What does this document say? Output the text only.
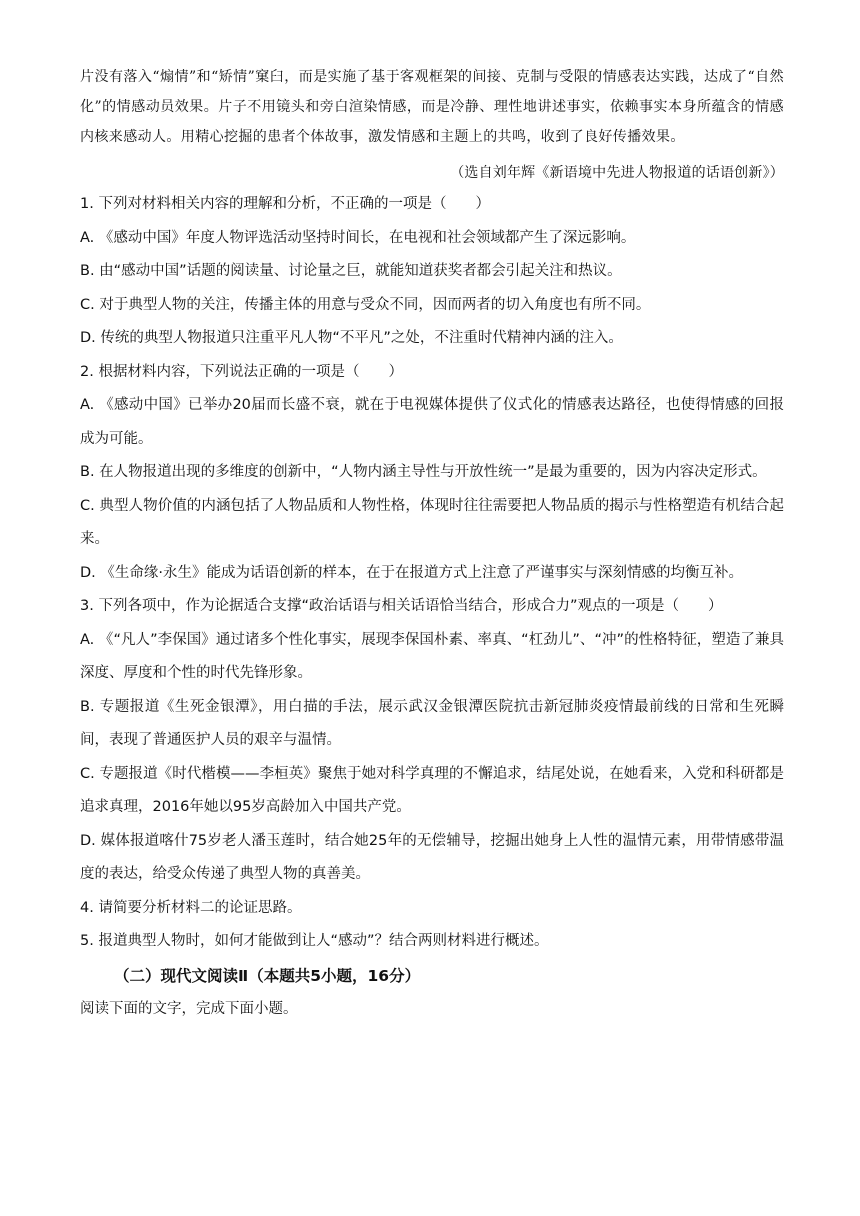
片没有落入“煽情”和“矫情”窠臼，而是实施了基于客观框架的间接、克制与受限的情感表达实践，达成了“自然化”的情感动员效果。片子不用镜头和旁白渲染情感，而是冷静、理性地讲述事实，依赖事实本身所蕴含的情感内核来感动人。用精心挖掘的患者个体故事，激发情感和主题上的共鸣，收到了良好传播效果。

（选自刘年辉《新语境中先进人物报道的话语创新》）

1. 下列对材料相关内容的理解和分析，不正确的一项是（　　）

A. 《感动中国》年度人物评选活动坚持时间长，在电视和社会领域都产生了深远影响。

B. 由“感动中国”话题的阅读量、讨论量之巨，就能知道获奖者都会引起关注和热议。

C. 对于典型人物的关注，传播主体的用意与受众不同，因而两者的切入角度也有所不同。

D. 传统的典型人物报道只注重平凡人物“不平凡”之处，不注重时代精神内涵的注入。

2. 根据材料内容，下列说法正确的一项是（　　）

A. 《感动中国》已举办20届而长盛不衰，就在于电视媒体提供了仪式化的情感表达路径，也使得情感的回报成为可能。

B. 在人物报道出现的多维度的创新中，“人物内涵主导性与开放性统一”是最为重要的，因为内容决定形式。

C. 典型人物价值的内涵包括了人物品质和人物性格，体现时往往需要把人物品质的揭示与性格塑造有机结合起来。

D. 《生命缘·永生》能成为话语创新的样本，在于在报道方式上注意了严谨事实与深刻情感的均衡互补。

3. 下列各项中，作为论据适合支撑“政治话语与相关话语恰当结合，形成合力”观点的一项是（　　）

A. 《“凡人”李保国》通过诸多个性化事实，展现李保国朴素、率真、“杠劲儿”、“冲”的性格特征，塑造了兼具深度、厚度和个性的时代先锋形象。

B. 专题报道《生死金银潭》，用白描的手法，展示武汉金银潭医院抗击新冠肺炎疫情最前线的日常和生死瞬间，表现了普通医护人员的艰辛与温情。

C. 专题报道《时代楷模——李桓英》聚焦于她对科学真理的不懈追求，结尾处说，在她看来，入党和科研都是追求真理，2016年她以95岁高龄加入中国共产党。

D. 媒体报道喀什75岁老人潘玉莲时，结合她25年的无偿辅导，挖掘出她身上人性的温情元素，用带情感带温度的表达，给受众传递了典型人物的真善美。

4. 请简要分析材料二的论证思路。

5. 报道典型人物时，如何才能做到让人“感动”？结合两则材料进行概述。

（二）现代文阅读Ⅱ（本题共5小题，16分）

阅读下面的文字，完成下面小题。
